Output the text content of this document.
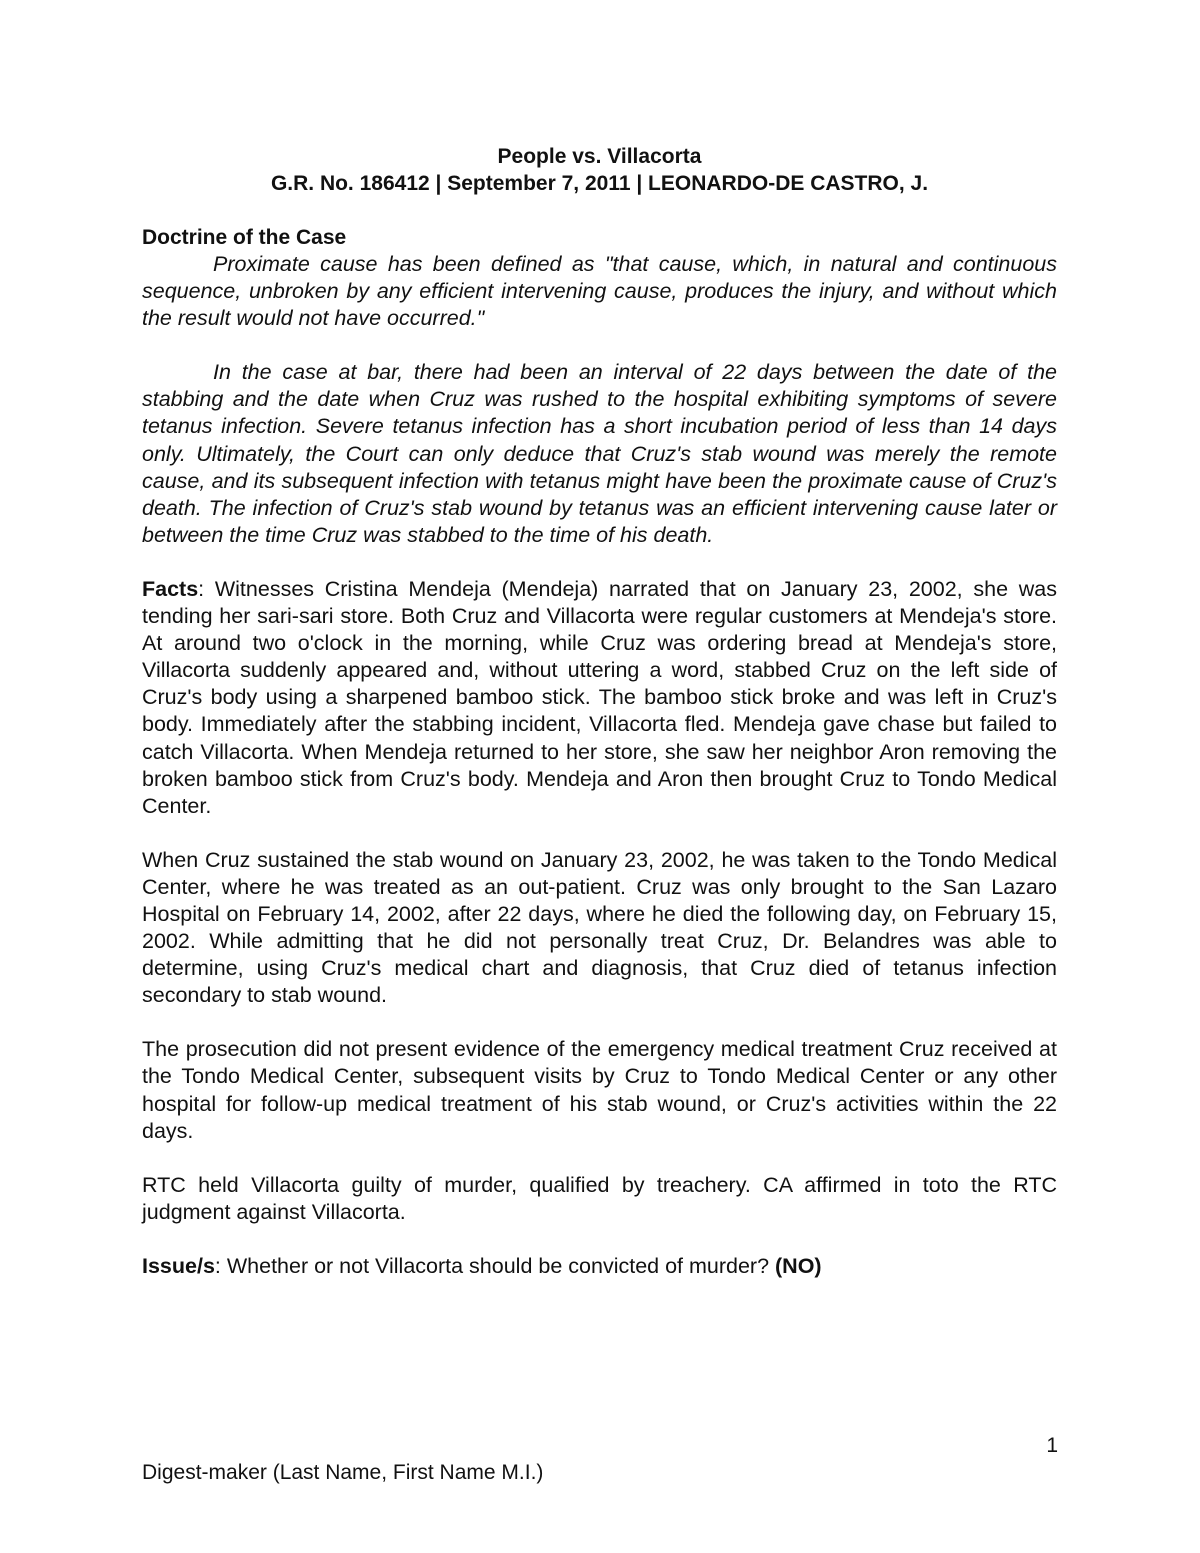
People vs. Villacorta
G.R. No. 186412 | September 7, 2011 | LEONARDO-DE CASTRO, J.
Doctrine of the Case

Proximate cause has been defined as "that cause, which, in natural and continuous sequence, unbroken by any efficient intervening cause, produces the injury, and without which the result would not have occurred."

In the case at bar, there had been an interval of 22 days between the date of the stabbing and the date when Cruz was rushed to the hospital exhibiting symptoms of severe tetanus infection. Severe tetanus infection has a short incubation period of less than 14 days only. Ultimately, the Court can only deduce that Cruz's stab wound was merely the remote cause, and its subsequent infection with tetanus might have been the proximate cause of Cruz's death. The infection of Cruz's stab wound by tetanus was an efficient intervening cause later or between the time Cruz was stabbed to the time of his death.

Facts: Witnesses Cristina Mendeja (Mendeja) narrated that on January 23, 2002, she was tending her sari-sari store. Both Cruz and Villacorta were regular customers at Mendeja's store. At around two o'clock in the morning, while Cruz was ordering bread at Mendeja's store, Villacorta suddenly appeared and, without uttering a word, stabbed Cruz on the left side of Cruz's body using a sharpened bamboo stick. The bamboo stick broke and was left in Cruz's body. Immediately after the stabbing incident, Villacorta fled. Mendeja gave chase but failed to catch Villacorta. When Mendeja returned to her store, she saw her neighbor Aron removing the broken bamboo stick from Cruz's body. Mendeja and Aron then brought Cruz to Tondo Medical Center.

When Cruz sustained the stab wound on January 23, 2002, he was taken to the Tondo Medical Center, where he was treated as an out-patient. Cruz was only brought to the San Lazaro Hospital on February 14, 2002, after 22 days, where he died the following day, on February 15, 2002. While admitting that he did not personally treat Cruz, Dr. Belandres was able to determine, using Cruz's medical chart and diagnosis, that Cruz died of tetanus infection secondary to stab wound.

The prosecution did not present evidence of the emergency medical treatment Cruz received at the Tondo Medical Center, subsequent visits by Cruz to Tondo Medical Center or any other hospital for follow-up medical treatment of his stab wound, or Cruz's activities within the 22 days.

RTC held Villacorta guilty of murder, qualified by treachery. CA affirmed in toto the RTC judgment against Villacorta.

Issue/s: Whether or not Villacorta should be convicted of murder? (NO)

1
Digest-maker (Last Name, First Name M.I.)
